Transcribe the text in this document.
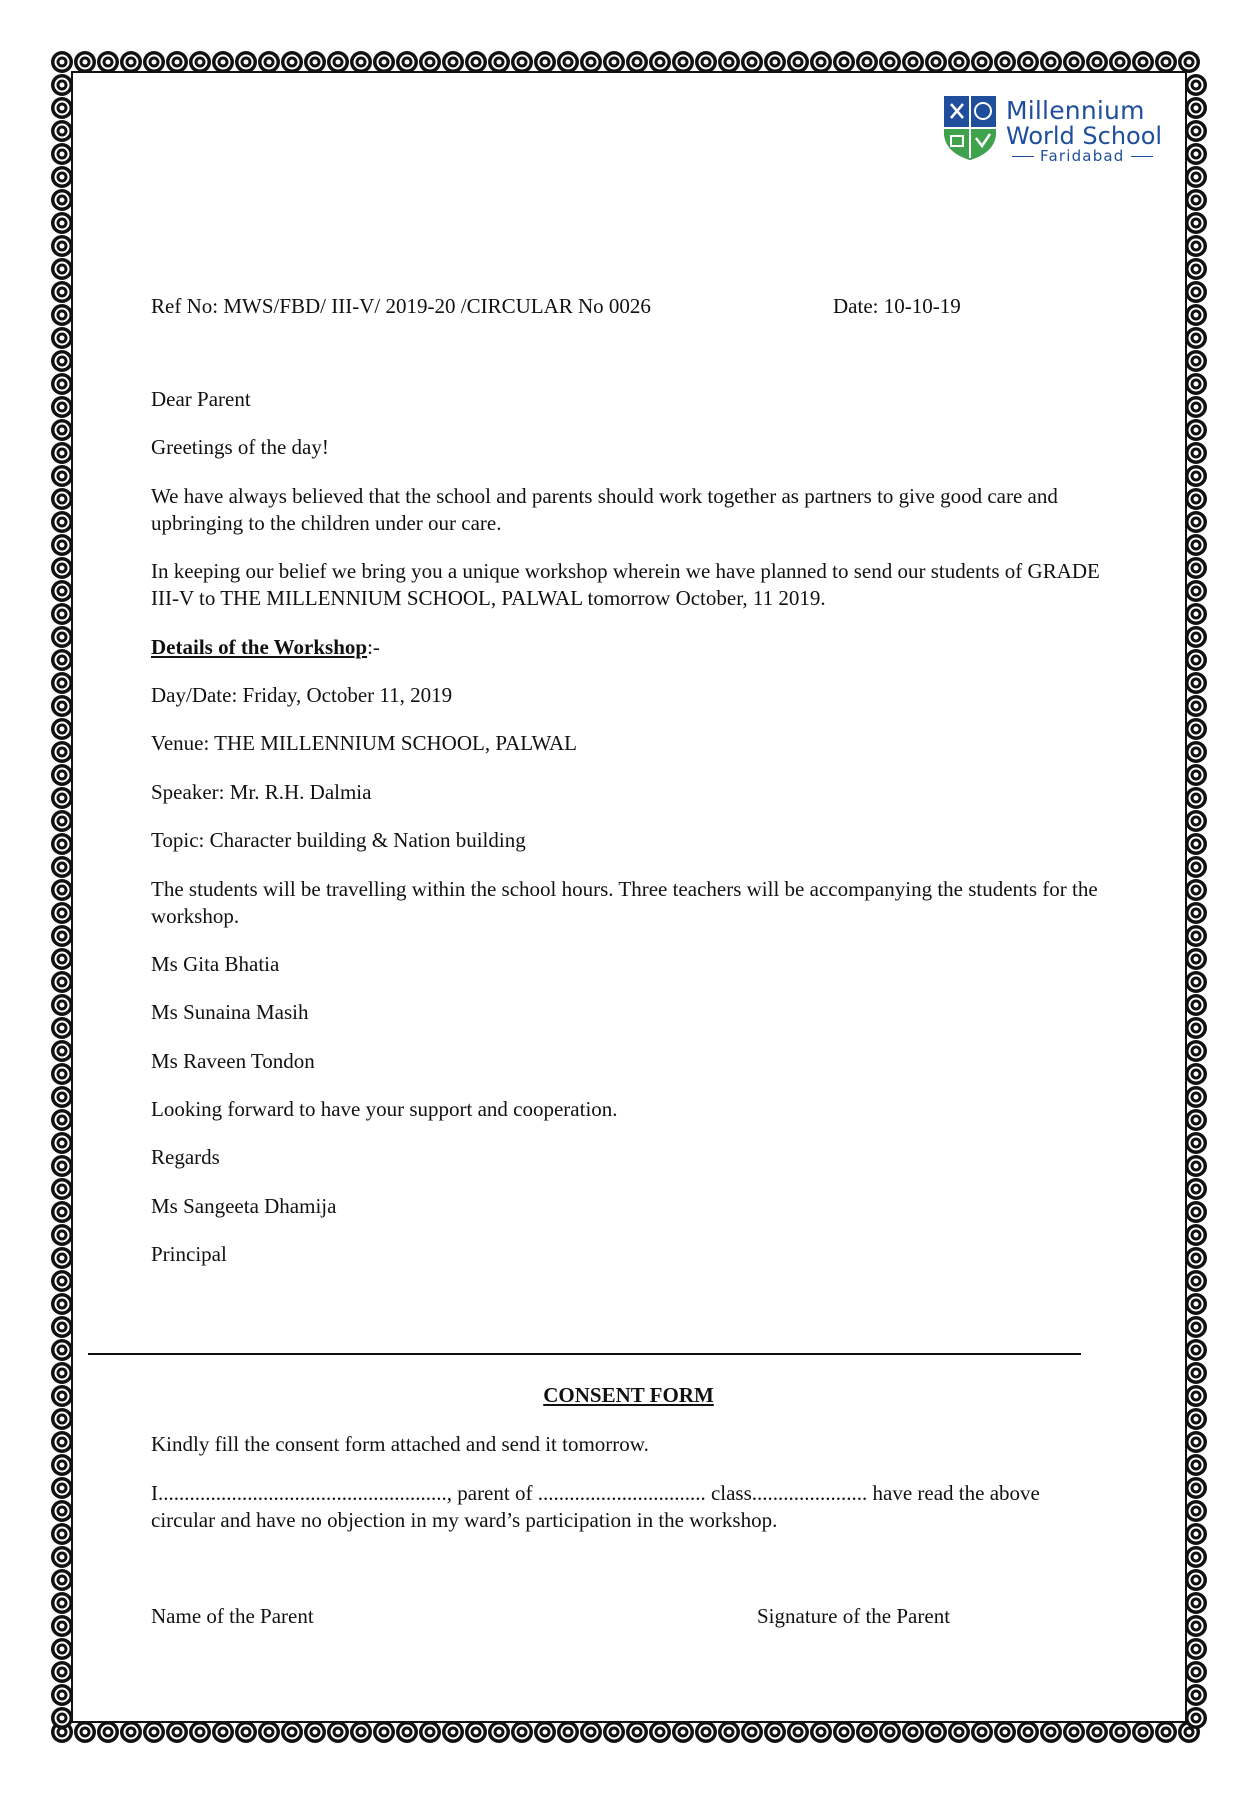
Millennium
World School
Faridabad
Ref No: MWS/FBD/ III-V/ 2019-20 /CIRCULAR No 0026	Date: 10-10-19
Dear Parent
Greetings of the day!
We have always believed that the school and parents should work together as partners to give good care and upbringing to the children under our care.
In keeping our belief we bring you a unique workshop wherein we have planned to send our students of GRADE III-V to THE MILLENNIUM SCHOOL, PALWAL tomorrow October, 11 2019.
Details of the Workshop:-
Day/Date: Friday, October 11, 2019
Venue: THE MILLENNIUM SCHOOL, PALWAL
Speaker: Mr. R.H. Dalmia
Topic: Character building & Nation building
The students will be travelling within the school hours. Three teachers will be accompanying the students for the workshop.
Ms Gita Bhatia
Ms Sunaina Masih
Ms Raveen Tondon
Looking forward to have your support and cooperation.
Regards
Ms Sangeeta Dhamija
Principal
CONSENT FORM
Kindly fill the consent form attached and send it tomorrow.
I......................................................., parent of ................................ class...................... have read the above circular and have no objection in my ward’s participation in the workshop.
Name of the Parent	Signature of the Parent
